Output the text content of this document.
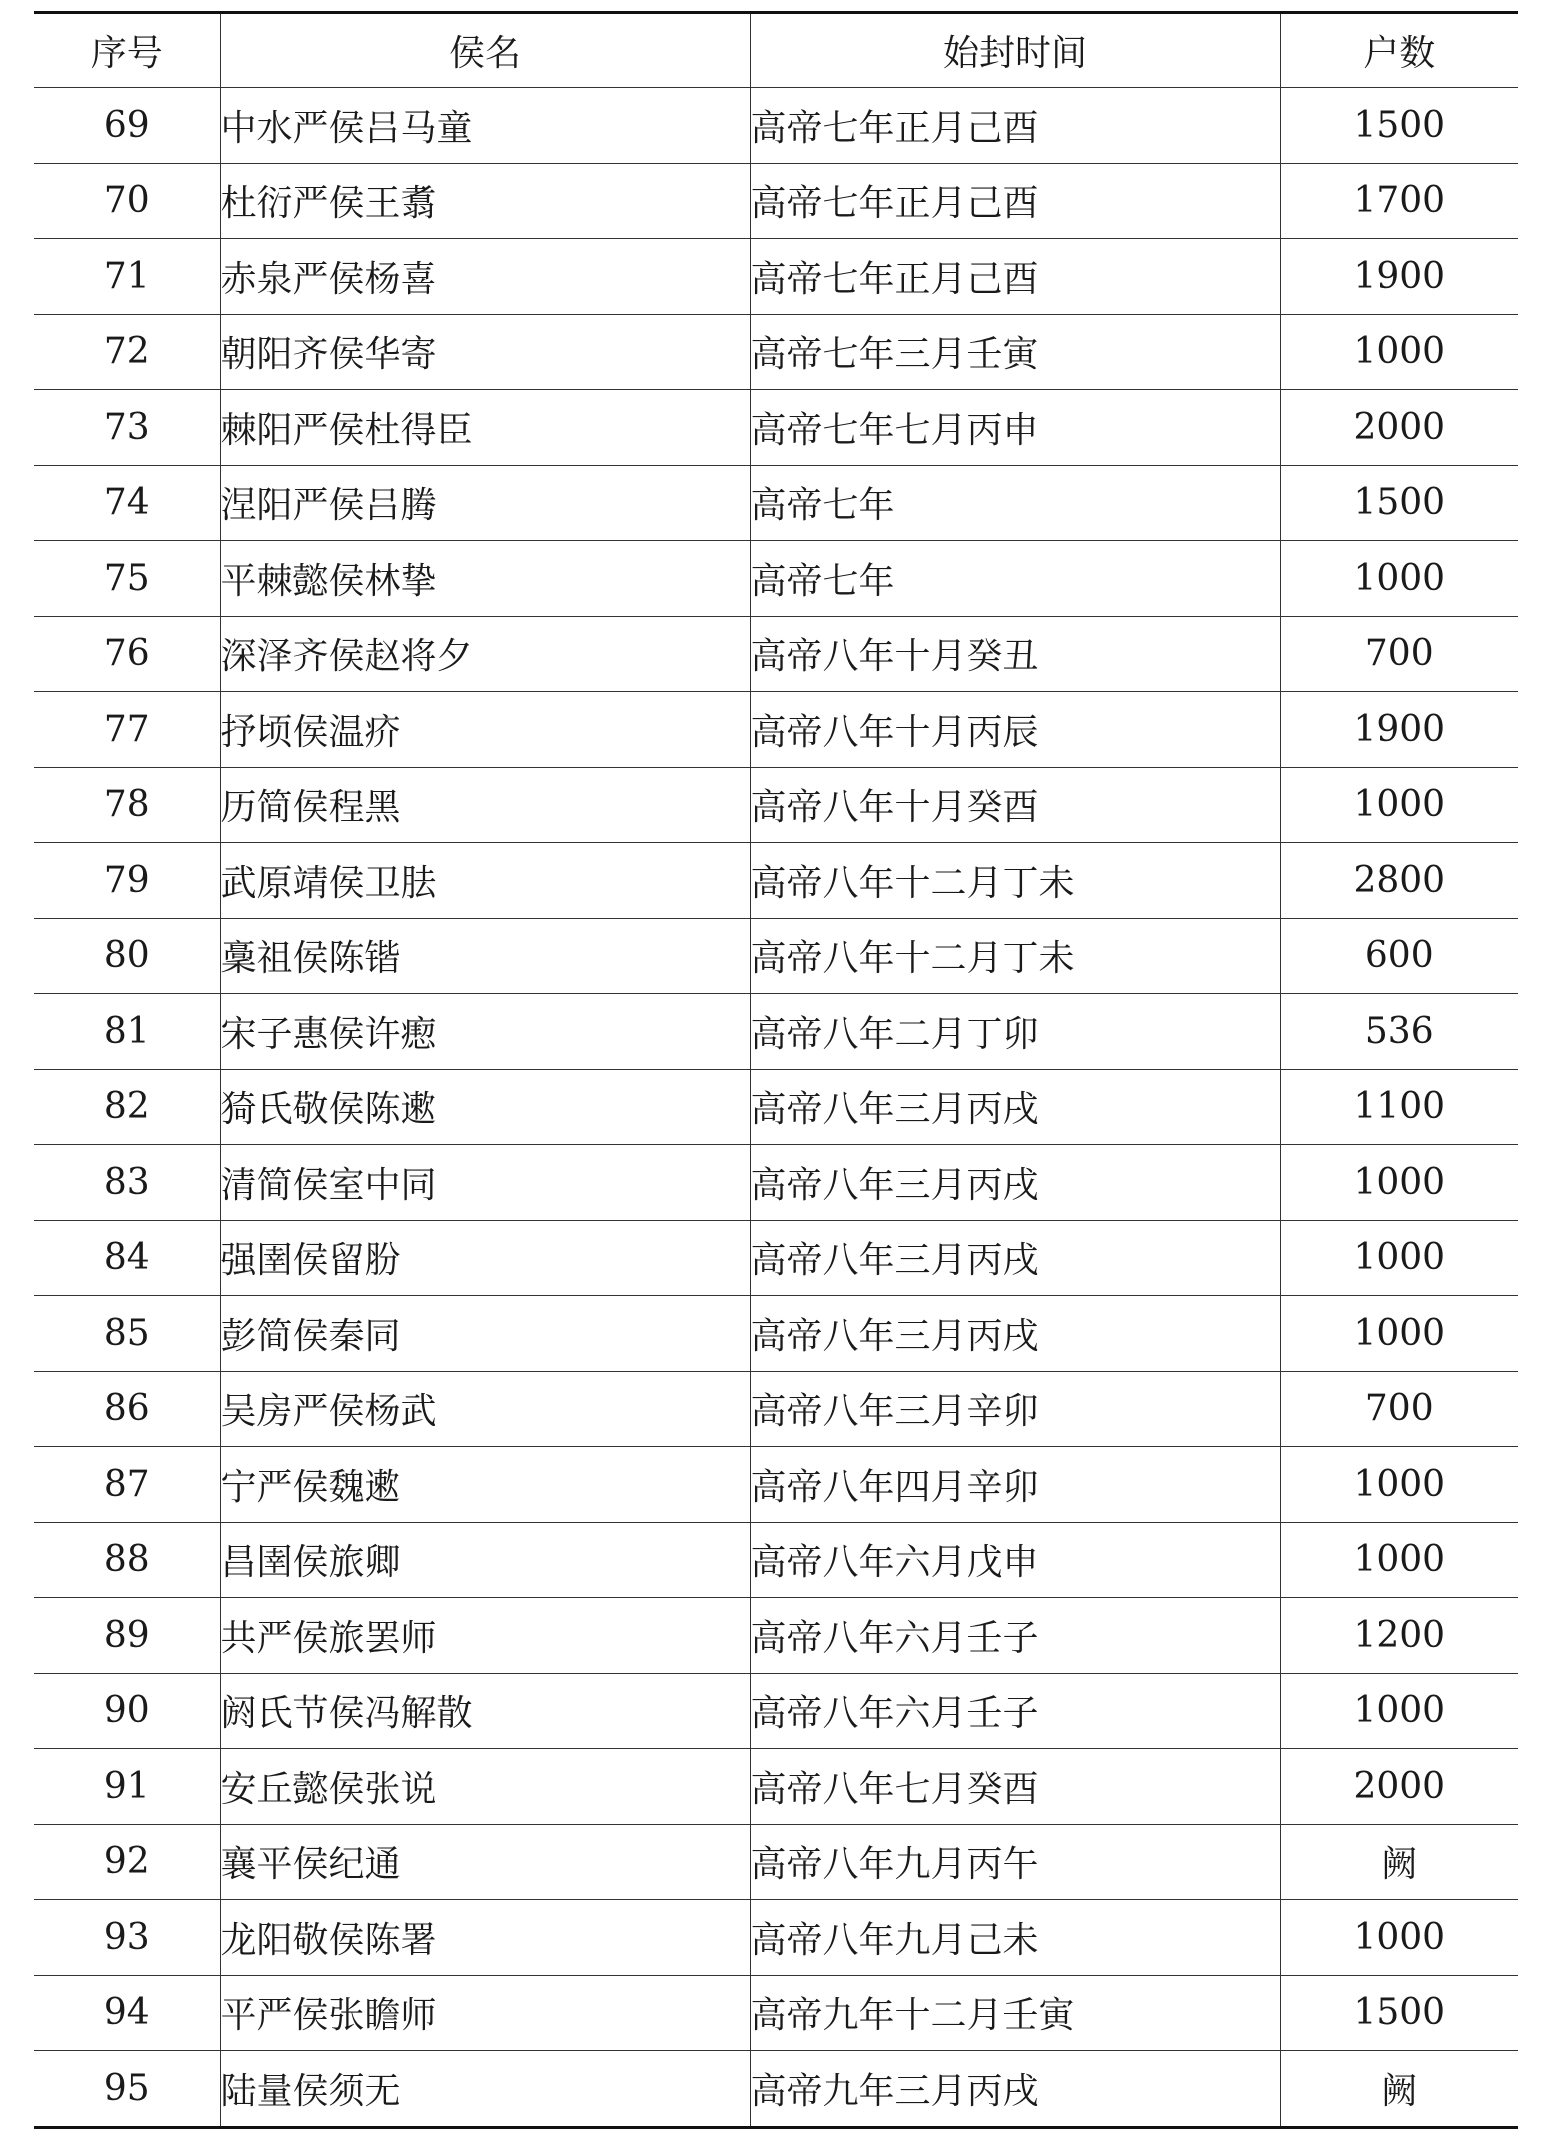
序号	侯名	始封时间	户数
69	中水严侯吕马童	高帝七年正月己酉	1500
70	杜衍严侯王翥	高帝七年正月己酉	1700
71	赤泉严侯杨喜	高帝七年正月己酉	1900
72	朝阳齐侯华寄	高帝七年三月壬寅	1000
73	棘阳严侯杜得臣	高帝七年七月丙申	2000
74	涅阳严侯吕腾	高帝七年	1500
75	平棘懿侯林挚	高帝七年	1000
76	深泽齐侯赵将夕	高帝八年十月癸丑	700
77	抒顷侯温疥	高帝八年十月丙辰	1900
78	历简侯程黑	高帝八年十月癸酉	1000
79	武原靖侯卫胠	高帝八年十二月丁未	2800
80	稾祖侯陈锴	高帝八年十二月丁未	600
81	宋子惠侯许瘛	高帝八年二月丁卯	536
82	猗氏敬侯陈遬	高帝八年三月丙戌	1100
83	清简侯室中同	高帝八年三月丙戌	1000
84	强圉侯留肦	高帝八年三月丙戌	1000
85	彭简侯秦同	高帝八年三月丙戌	1000
86	吴房严侯杨武	高帝八年三月辛卯	700
87	宁严侯魏遬	高帝八年四月辛卯	1000
88	昌圉侯旅卿	高帝八年六月戊申	1000
89	共严侯旅罢师	高帝八年六月壬子	1200
90	阏氏节侯冯解散	高帝八年六月壬子	1000
91	安丘懿侯张说	高帝八年七月癸酉	2000
92	襄平侯纪通	高帝八年九月丙午	阙
93	龙阳敬侯陈署	高帝八年九月己未	1000
94	平严侯张瞻师	高帝九年十二月壬寅	1500
95	陆量侯须无	高帝九年三月丙戌	阙
